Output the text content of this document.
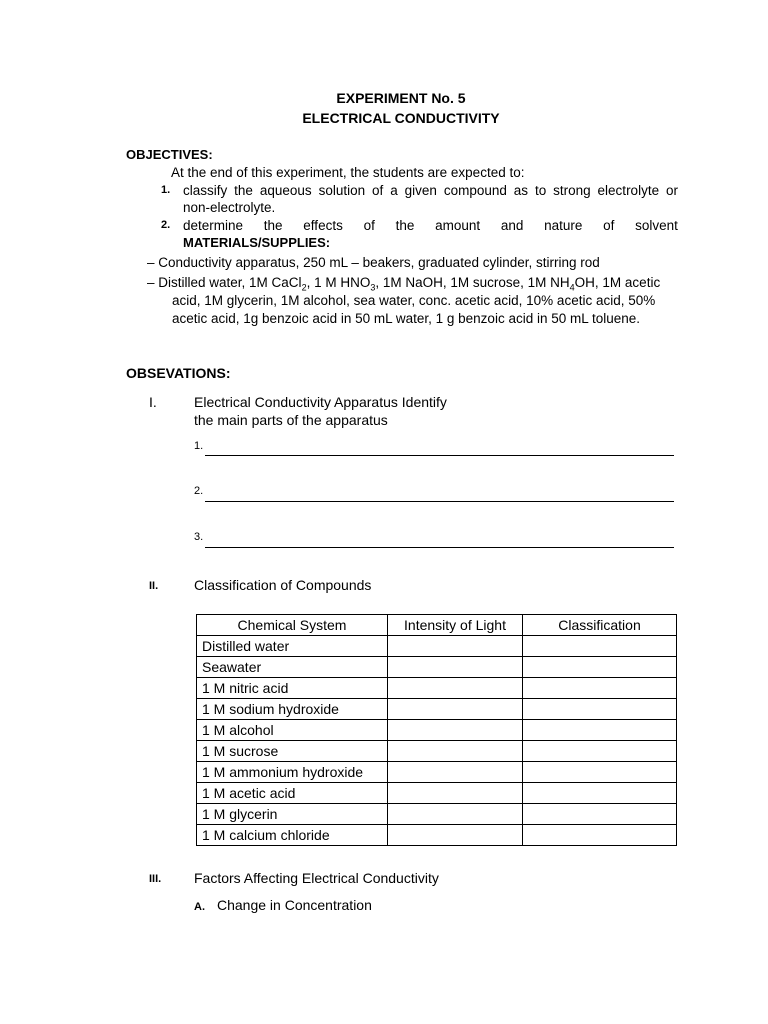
EXPERIMENT No. 5
ELECTRICAL CONDUCTIVITY
OBJECTIVES:
At the end of this experiment, the students are expected to:
1. classify the aqueous solution of a given compound as to strong electrolyte or
non-electrolyte.
2. determine the effects of the amount and nature of solvent
MATERIALS/SUPPLIES:
– Conductivity apparatus, 250 mL – beakers, graduated cylinder, stirring rod
– Distilled water, 1M CaCl$_2$, 1 M $HNO_3$, 1M NaOH, 1M sucrose, 1M $NH_4OH$, 1M acetic
acid, 1M glycerin, 1M alcohol, sea water, conc. acetic acid, 10% acetic acid, 50%
acetic acid, 1g benzoic acid in 50 mL water, 1 g benzoic acid in 50 mL toluene.
OBSEVATIONS:
I.	Electrical Conductivity Apparatus Identify
the main parts of the apparatus
1.
2.
3.
II.	Classification of Compounds
Chemical System	Intensity of Light	Classification
Distilled water		
Seawater		
1 M nitric acid		
1 M sodium hydroxide		
1 M alcohol		
1 M sucrose		
1 M ammonium hydroxide		
1 M acetic acid		
1 M glycerin		
1 M calcium chloride		
III. Factors Affecting Electrical Conductivity
A. Change in Concentration
